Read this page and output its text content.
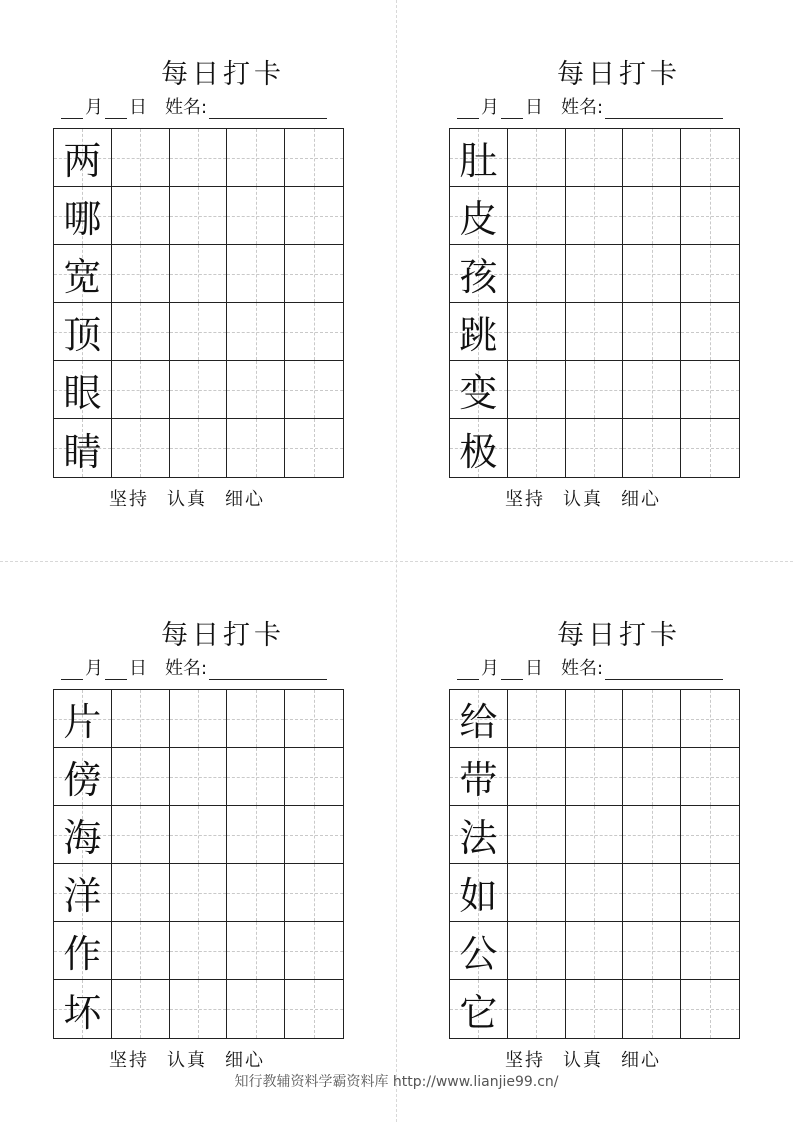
每日打卡
月 日 姓名:
两
哪
宽
顶
眼
睛
坚持 认真 细心
每日打卡
月 日 姓名:
肚
皮
孩
跳
变
极
坚持 认真 细心
每日打卡
月 日 姓名:
片
傍
海
洋
作
坏
坚持 认真 细心
每日打卡
月 日 姓名:
给
带
法
如
公
它
坚持 认真 细心
知行教辅资料学霸资料库 http://www.lianjie99.cn/
